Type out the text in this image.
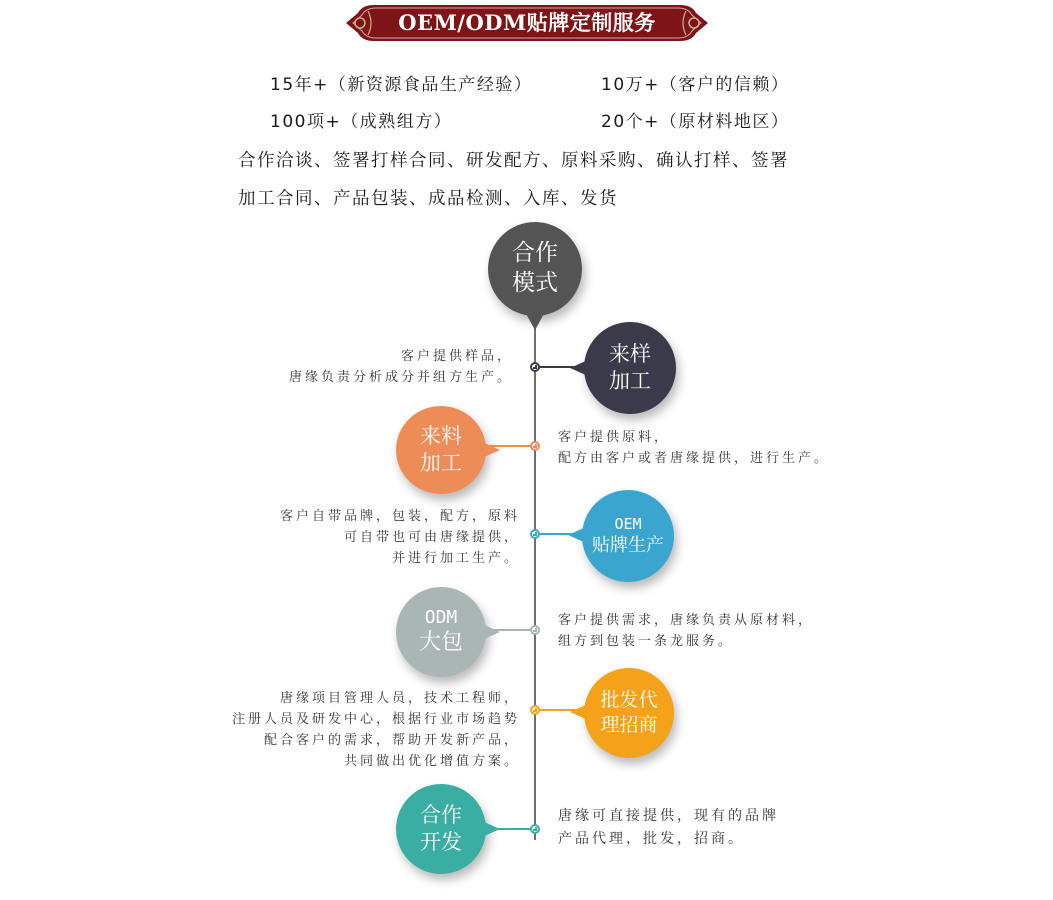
OEM/ODM贴牌定制服务
15年+（新资源食品生产经验）	10万+（客户的信赖）
100项+（成熟组方）	20个+（原材料地区）
合作洽谈、签署打样合同、研发配方、原料采购、确认打样、签署
加工合同、产品包装、成品检测、入库、发货
合作
模式
来样
加工
客户提供样品，
唐缘负责分析成分并组方生产。
来料
加工
客户提供原料，
配方由客户或者唐缘提供，进行生产。
OEM
贴牌生产
客户自带品牌，包装，配方，原料
可自带也可由唐缘提供，
并进行加工生产。
ODM
大包
客户提供需求，唐缘负责从原材料，
组方到包装一条龙服务。
批发代
理招商
唐缘项目管理人员，技术工程师，
注册人员及研发中心，根据行业市场趋势
配合客户的需求，帮助开发新产品，
共同做出优化增值方案。
合作
开发
唐缘可直接提供，现有的品牌
产品代理，批发，招商。
